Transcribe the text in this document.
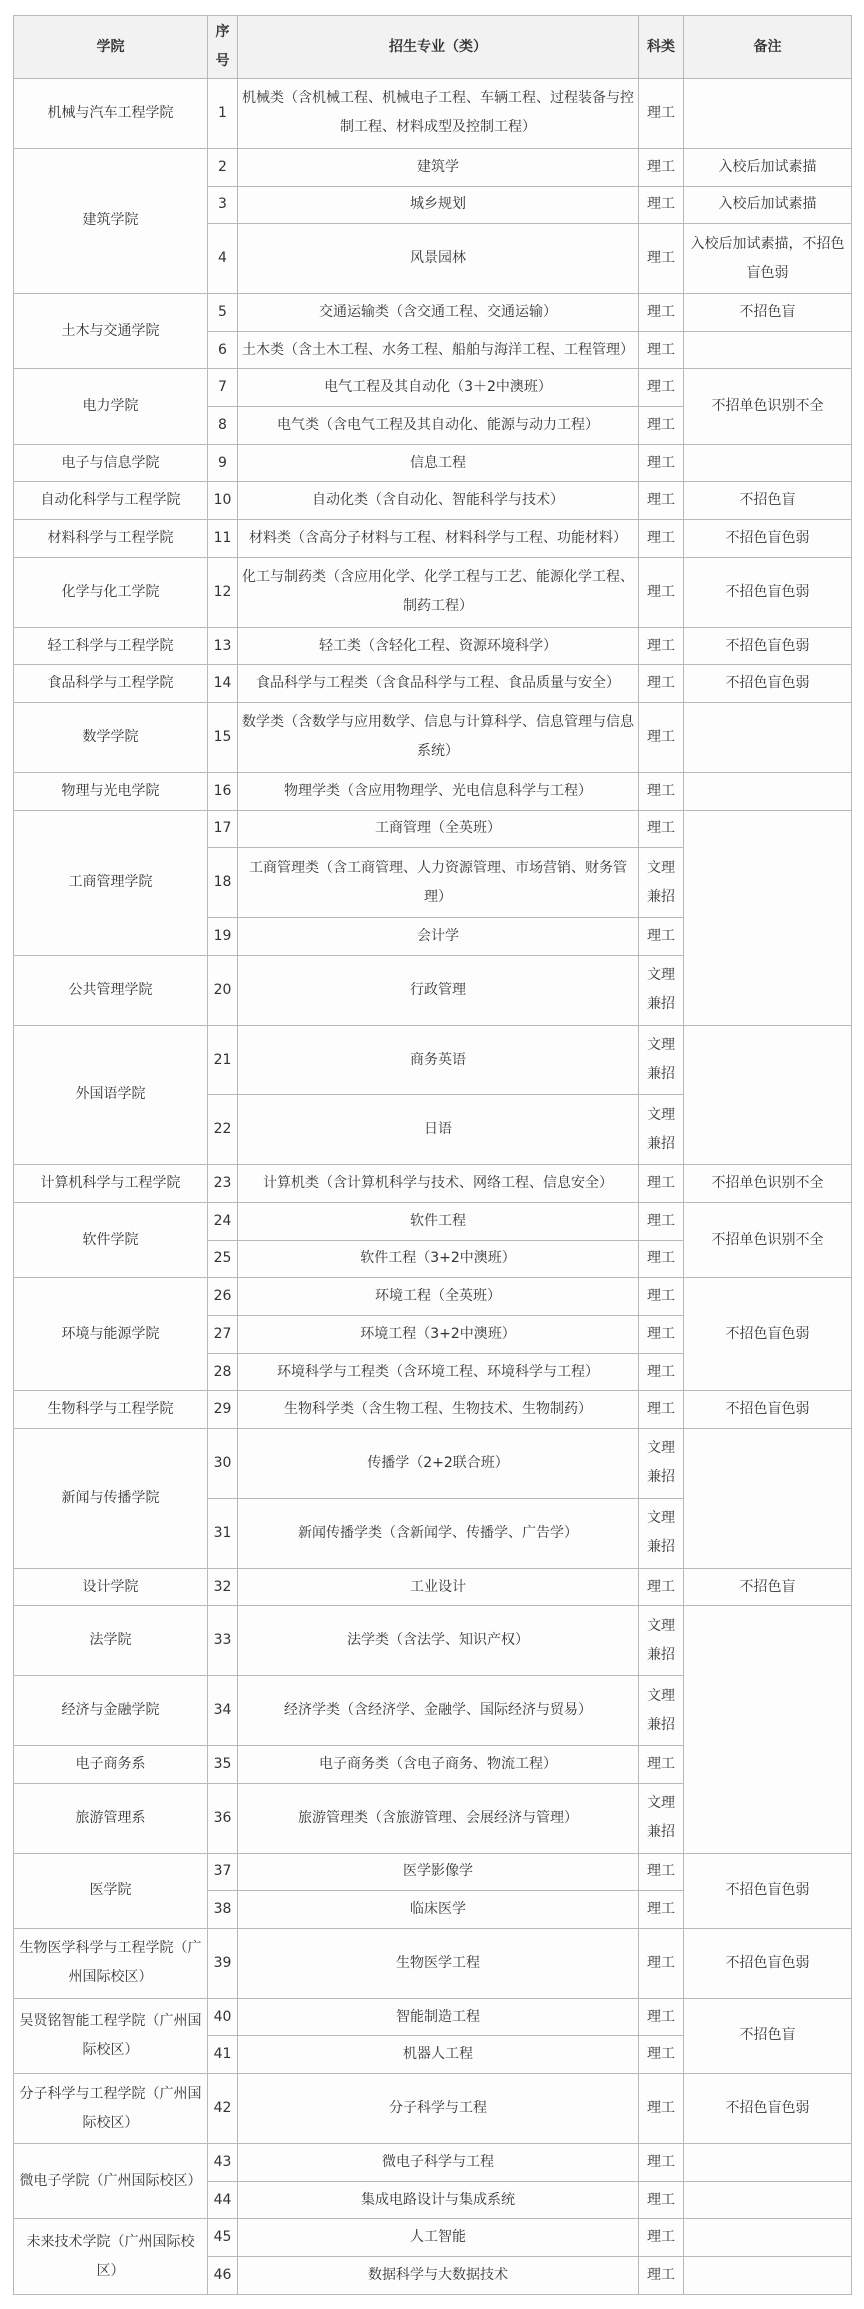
学院	序号	招生专业（类）	科类	备注
机械与汽车工程学院	1	机械类（含机械工程、机械电子工程、车辆工程、过程装备与控制工程、材料成型及控制工程）	理工	
建筑学院	2	建筑学	理工	入校后加试素描
	3	城乡规划	理工	入校后加试素描
	4	风景园林	理工	入校后加试素描，不招色盲色弱
土木与交通学院	5	交通运输类（含交通工程、交通运输）	理工	不招色盲
	6	土木类（含土木工程、水务工程、船舶与海洋工程、工程管理）	理工	
电力学院	7	电气工程及其自动化（3＋2中澳班）	理工	不招单色识别不全
	8	电气类（含电气工程及其自动化、能源与动力工程）	理工	
电子与信息学院	9	信息工程	理工	
自动化科学与工程学院	10	自动化类（含自动化、智能科学与技术）	理工	不招色盲
材料科学与工程学院	11	材料类（含高分子材料与工程、材料科学与工程、功能材料）	理工	不招色盲色弱
化学与化工学院	12	化工与制药类（含应用化学、化学工程与工艺、能源化学工程、制药工程）	理工	不招色盲色弱
轻工科学与工程学院	13	轻工类（含轻化工程、资源环境科学）	理工	不招色盲色弱
食品科学与工程学院	14	食品科学与工程类（含食品科学与工程、食品质量与安全）	理工	不招色盲色弱
数学学院	15	数学类（含数学与应用数学、信息与计算科学、信息管理与信息系统）	理工	
物理与光电学院	16	物理学类（含应用物理学、光电信息科学与工程）	理工	
工商管理学院	17	工商管理（全英班）	理工	
	18	工商管理类（含工商管理、人力资源管理、市场营销、财务管理）	文理兼招	
	19	会计学	理工	
公共管理学院	20	行政管理	文理兼招	
外国语学院	21	商务英语	文理兼招	
	22	日语	文理兼招	
计算机科学与工程学院	23	计算机类（含计算机科学与技术、网络工程、信息安全）	理工	不招单色识别不全
软件学院	24	软件工程	理工	不招单色识别不全
	25	软件工程（3+2中澳班）	理工	
环境与能源学院	26	环境工程（全英班）	理工	不招色盲色弱
	27	环境工程（3+2中澳班）	理工	
	28	环境科学与工程类（含环境工程、环境科学与工程）	理工	
生物科学与工程学院	29	生物科学类（含生物工程、生物技术、生物制药）	理工	不招色盲色弱
新闻与传播学院	30	传播学（2+2联合班）	文理兼招	
	31	新闻传播学类（含新闻学、传播学、广告学）	文理兼招	
设计学院	32	工业设计	理工	不招色盲
法学院	33	法学类（含法学、知识产权）	文理兼招	
经济与金融学院	34	经济学类（含经济学、金融学、国际经济与贸易）	文理兼招	
电子商务系	35	电子商务类（含电子商务、物流工程）	理工	
旅游管理系	36	旅游管理类（含旅游管理、会展经济与管理）	文理兼招	
医学院	37	医学影像学	理工	不招色盲色弱
	38	临床医学	理工	
生物医学科学与工程学院（广州国际校区）	39	生物医学工程	理工	不招色盲色弱
吴贤铭智能工程学院（广州国际校区）	40	智能制造工程	理工	不招色盲
	41	机器人工程	理工	
分子科学与工程学院（广州国际校区）	42	分子科学与工程	理工	不招色盲色弱
微电子学院（广州国际校区）	43	微电子科学与工程	理工	
	44	集成电路设计与集成系统	理工	
未来技术学院（广州国际校区）	45	人工智能	理工	
	46	数据科学与大数据技术	理工	
